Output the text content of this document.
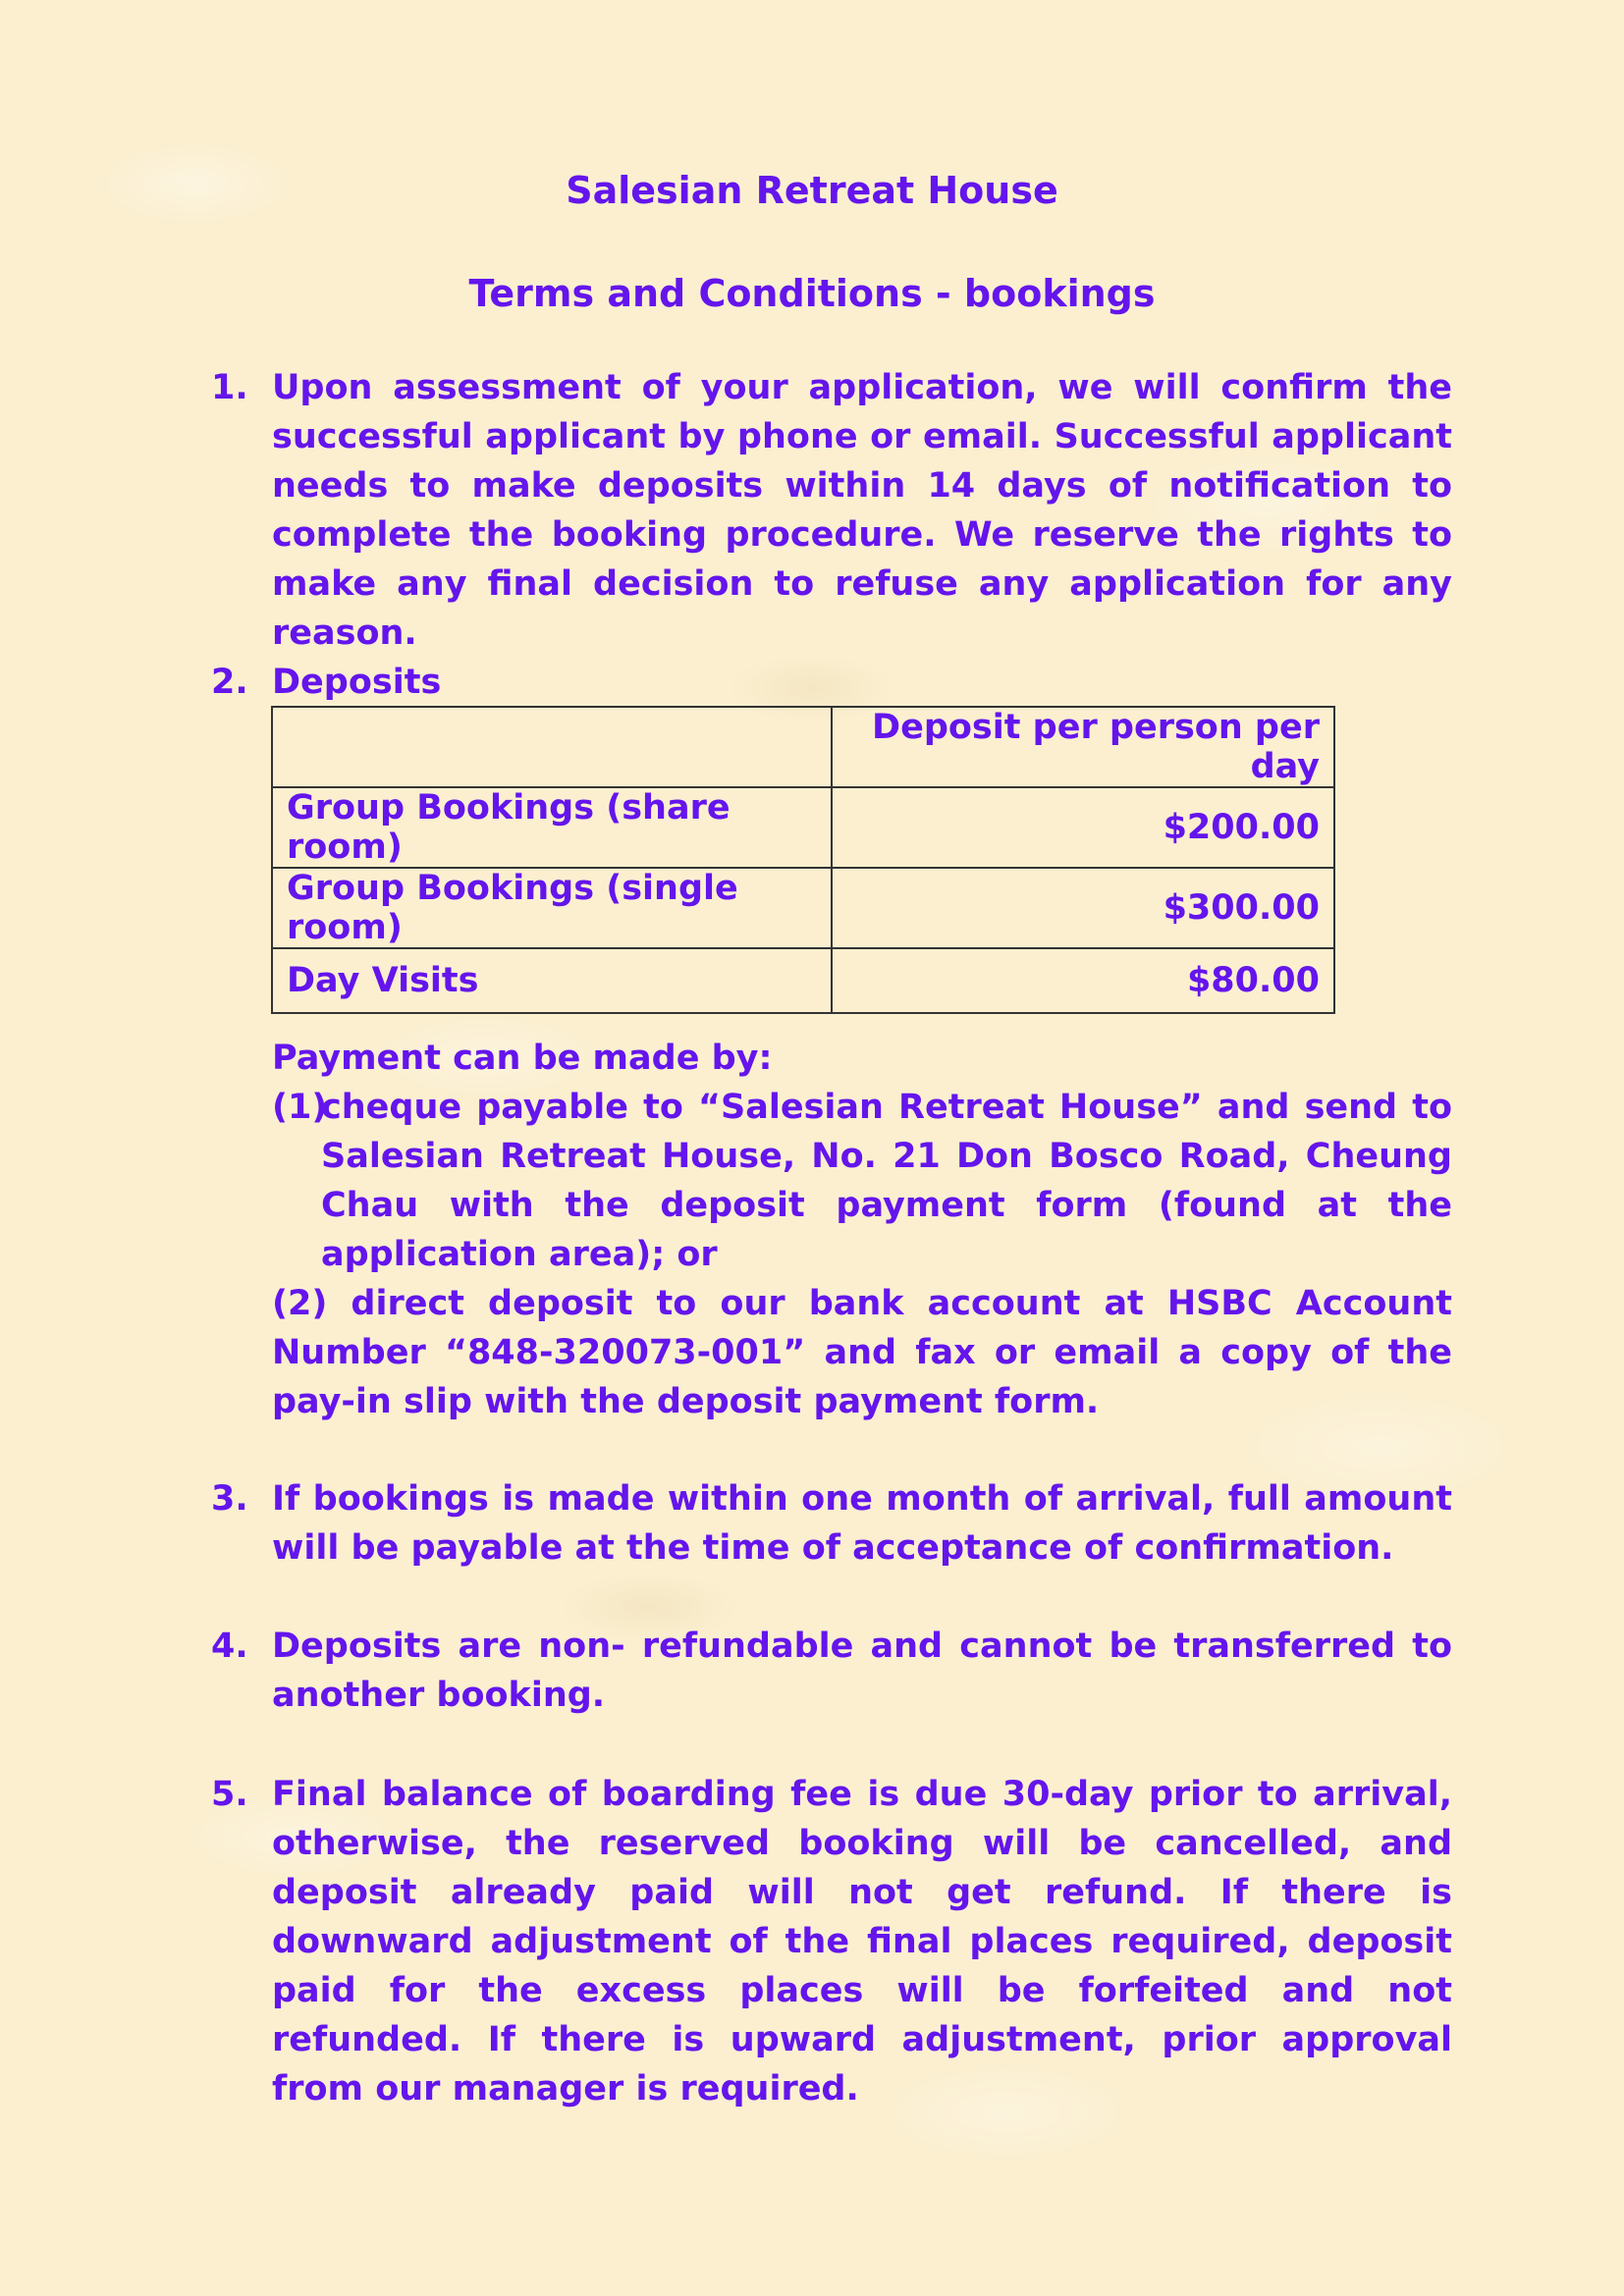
Salesian Retreat House
Terms and Conditions - bookings
1. Upon assessment of your application, we will confirm the successful applicant by phone or email. Successful applicant needs to make deposits within 14 days of notification to complete the booking procedure. We reserve the rights to make any final decision to refuse any application for any reason.
2. Deposits
	Deposit per person per day
Group Bookings (share room)	$200.00
Group Bookings (single room)	$300.00
Day Visits	$80.00
Payment can be made by:
(1)
cheque payable to “Salesian Retreat House” and send to Salesian Retreat House, No. 21 Don Bosco Road, Cheung Chau with the deposit payment form (found at the application area); or
(2) direct deposit to our bank account at HSBC Account Number “848-320073-001” and fax or email a copy of the pay-in slip with the deposit payment form.
3. If bookings is made within one month of arrival, full amount will be payable at the time of acceptance of confirmation.
4. Deposits are non- refundable and cannot be transferred to another booking.
5. Final balance of boarding fee is due 30-day prior to arrival, otherwise, the reserved booking will be cancelled, and deposit already paid will not get refund. If there is downward adjustment of the final places required, deposit paid for the excess places will be forfeited and not refunded. If there is upward adjustment, prior approval from our manager is required.
